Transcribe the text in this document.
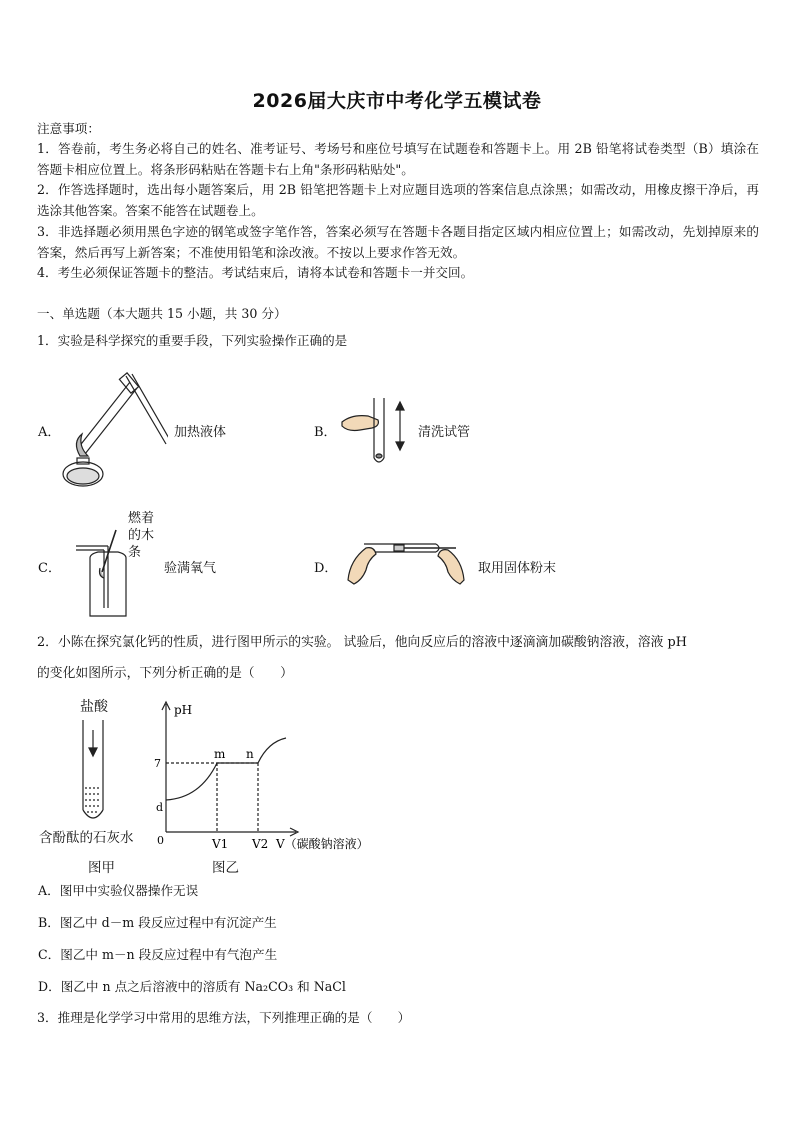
2026届大庆市中考化学五模试卷
注意事项：
1．答卷前，考生务必将自己的姓名、准考证号、考场号和座位号填写在试题卷和答题卡上。用 2B 铅笔将试卷类型（B）填涂在答题卡相应位置上。将条形码粘贴在答题卡右上角"条形码粘贴处"。
2．作答选择题时，选出每小题答案后，用 2B 铅笔把答题卡上对应题目选项的答案信息点涂黑；如需改动，用橡皮擦干净后，再选涂其他答案。答案不能答在试题卷上。
3．非选择题必须用黑色字迹的钢笔或签字笔作答，答案必须写在答题卡各题目指定区域内相应位置上；如需改动，先划掉原来的答案，然后再写上新答案；不准使用铅笔和涂改液。不按以上要求作答无效。
4．考生必须保证答题卡的整洁。考试结束后，请将本试卷和答题卡一并交回。
一、单选题（本大题共 15 小题，共 30 分）
1．实验是科学探究的重要手段，下列实验操作正确的是
A．	加热液体	B．	清洗试管
C．
燃着
的木
条
验满氧气	D．	取用固体粉末
2．小陈在探究氯化钙的性质，进行图甲所示的实验。 试验后，他向反应后的溶液中逐滴滴加碳酸钠溶液，溶液 pH
的变化如图所示，下列分析正确的是（　　）
盐酸
含酚酞的石灰水
图甲
pH
7
d
m n
0	V1 V2 V（碳酸钠溶液）
图乙
A．图甲中实验仪器操作无误
B．图乙中 d－m 段反应过程中有沉淀产生
C．图乙中 m－n 段反应过程中有气泡产生
D．图乙中 n 点之后溶液中的溶质有 Na₂CO₃ 和 NaCl
3．推理是化学学习中常用的思维方法，下列推理正确的是（　　）
